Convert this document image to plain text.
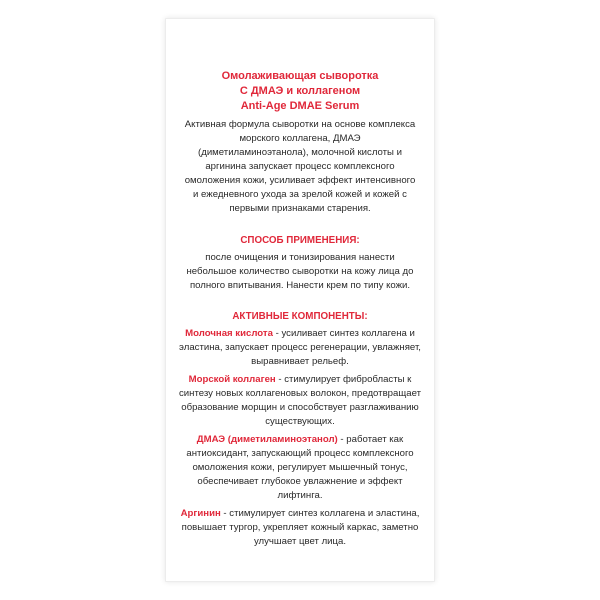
Омолаживающая сыворотка

С ДМАЭ и коллагеном

Anti-Age DMAE Serum

Активная формула сыворотки на основе комплекса морского коллагена, ДМАЭ (диметиламиноэтанола), молочной кислоты и аргинина запускает процесс комплексного омоложения кожи, усиливает эффект интенсивного и ежедневного ухода за зрелой кожей и кожей с первыми признаками старения.

СПОСОБ ПРИМЕНЕНИЯ:

после очищения и тонизирования нанести небольшое количество сыворотки на кожу лица до полного впитывания. Нанести крем по типу кожи.

АКТИВНЫЕ КОМПОНЕНТЫ:

Молочная кислота - усиливает синтез коллагена и эластина, запускает процесс регенерации, увлажняет, выравнивает рельеф.

Морской коллаген - стимулирует фибробласты к синтезу новых коллагеновых волокон, предотвращает образование морщин и способствует разглаживанию существующих.

ДМАЭ (диметиламиноэтанол) - работает как антиоксидант, запускающий процесс комплексного омоложения кожи, регулирует мышечный тонус, обеспечивает глубокое увлажнение и эффект лифтинга.

Аргинин - стимулирует синтез коллагена и эластина, повышает тургор, укрепляет кожный каркас, заметно улучшает цвет лица.
